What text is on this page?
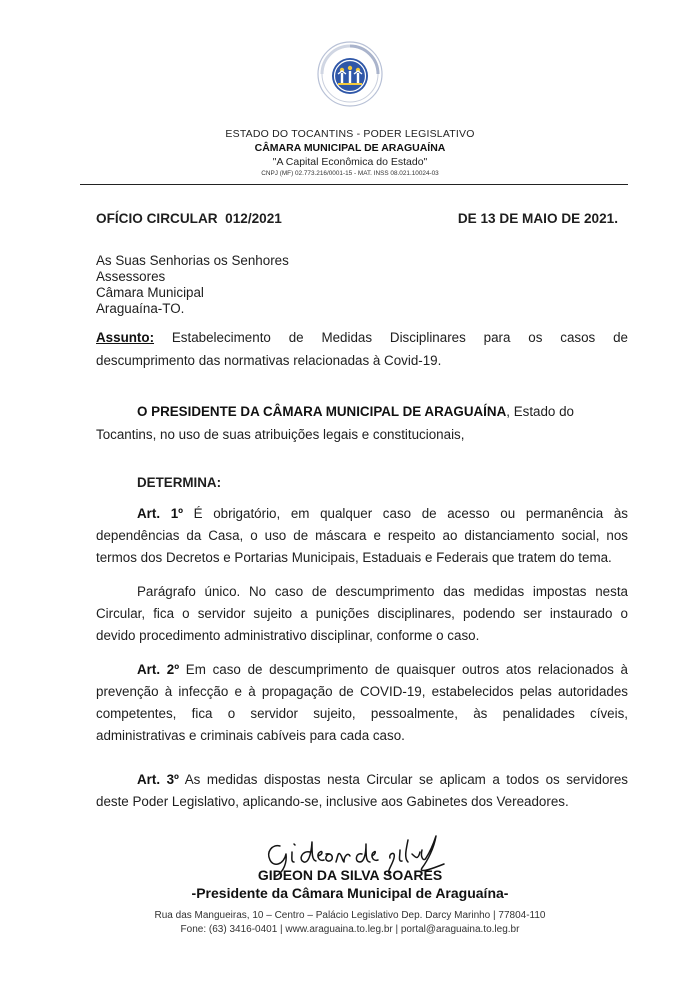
ESTADO DO TOCANTINS - PODER LEGISLATIVO
CÂMARA MUNICIPAL DE ARAGUAÍNA
"A Capital Econômica do Estado"
CNPJ (MF) 02.773.216/0001-15 - MAT. INSS 08.021.10024-03
OFÍCIO CIRCULAR  012/2021	DE 13 DE MAIO DE 2021.
As Suas Senhorias os Senhores
Assessores
Câmara Municipal
Araguaína-TO.
Assunto: Estabelecimento de Medidas Disciplinares para os casos de
descumprimento das normativas relacionadas à Covid-19.
O PRESIDENTE DA CÂMARA MUNICIPAL DE ARAGUAÍNA, Estado do
Tocantins, no uso de suas atribuições legais e constitucionais,
DETERMINA:
Art. 1º É obrigatório, em qualquer caso de acesso ou permanência às
dependências da Casa, o uso de máscara e respeito ao distanciamento social, nos
termos dos Decretos e Portarias Municipais, Estaduais e Federais que tratem do tema.
Parágrafo único. No caso de descumprimento das medidas impostas nesta
Circular, fica o servidor sujeito a punições disciplinares, podendo ser instaurado o
devido procedimento administrativo disciplinar, conforme o caso.
Art. 2º Em caso de descumprimento de quaisquer outros atos relacionados à
prevenção à infecção e à propagação de COVID-19, estabelecidos pelas autoridades
competentes, fica o servidor sujeito, pessoalmente, às penalidades cíveis,
administrativas e criminais cabíveis para cada caso.
Art. 3º As medidas dispostas nesta Circular se aplicam a todos os servidores
deste Poder Legislativo, aplicando-se, inclusive aos Gabinetes dos Vereadores.
GIDEON DA SILVA SOARES
-Presidente da Câmara Municipal de Araguaína-
Rua das Mangueiras, 10 – Centro – Palácio Legislativo Dep. Darcy Marinho | 77804-110
Fone: (63) 3416-0401 | www.araguaina.to.leg.br | portal@araguaina.to.leg.br
